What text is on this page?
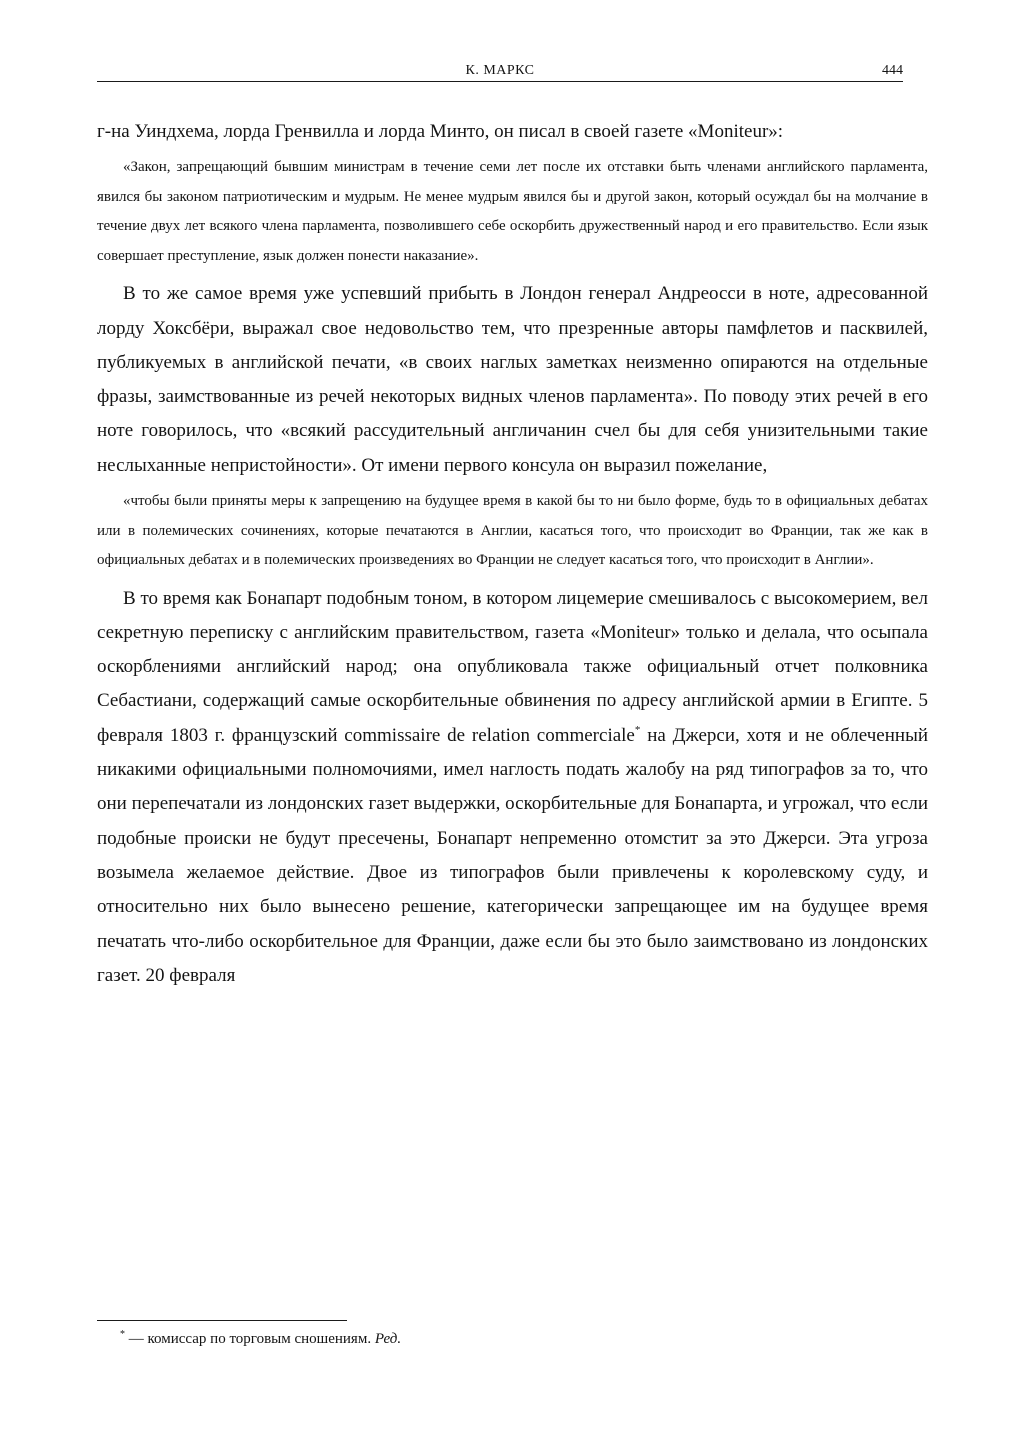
К. МАРКС	444

г-на Уиндхема, лорда Гренвилла и лорда Минто, он писал в своей газете «Moniteur»:

«Закон, запрещающий бывшим министрам в течение семи лет после их отставки быть членами английского парламента, явился бы законом патриотическим и мудрым. Не менее мудрым явился бы и другой закон, который осуждал бы на молчание в течение двух лет всякого члена парламента, позволившего себе оскорбить дружественный народ и его правительство. Если язык совершает преступление, язык должен понести наказание».

В то же самое время уже успевший прибыть в Лондон генерал Андреосси в ноте, адресованной лорду Хоксбёри, выражал свое недовольство тем, что презренные авторы памфлетов и пасквилей, публикуемых в английской печати, «в своих наглых заметках неизменно опираются на отдельные фразы, заимствованные из речей некоторых видных членов парламента». По поводу этих речей в его ноте говорилось, что «всякий рассудительный англичанин счел бы для себя унизительными такие неслыханные непристойности». От имени первого консула он выразил пожелание,

«чтобы были приняты меры к запрещению на будущее время в какой бы то ни было форме, будь то в официальных дебатах или в полемических сочинениях, которые печатаются в Англии, касаться того, что происходит во Франции, так же как в официальных дебатах и в полемических произведениях во Франции не следует касаться того, что происходит в Англии».

В то время как Бонапарт подобным тоном, в котором лицемерие смешивалось с высокомерием, вел секретную переписку с английским правительством, газета «Moniteur» только и делала, что осыпала оскорблениями английский народ; она опубликовала также официальный отчет полковника Себастиани, содержащий самые оскорбительные обвинения по адресу английской армии в Египте. 5 февраля 1803 г. французский commissaire de relation commerciale* на Джерси, хотя и не облеченный никакими официальными полномочиями, имел наглость подать жалобу на ряд типографов за то, что они перепечатали из лондонских газет выдержки, оскорбительные для Бонапарта, и угрожал, что если подобные происки не будут пресечены, Бонапарт непременно отомстит за это Джерси. Эта угроза возымела желаемое действие. Двое из типографов были привлечены к королевскому суду, и относительно них было вынесено решение, категорически запрещающее им на будущее время печатать что-либо оскорбительное для Франции, даже если бы это было заимствовано из лондонских газет. 20 февраля

* — комиссар по торговым сношениям. Ред.
